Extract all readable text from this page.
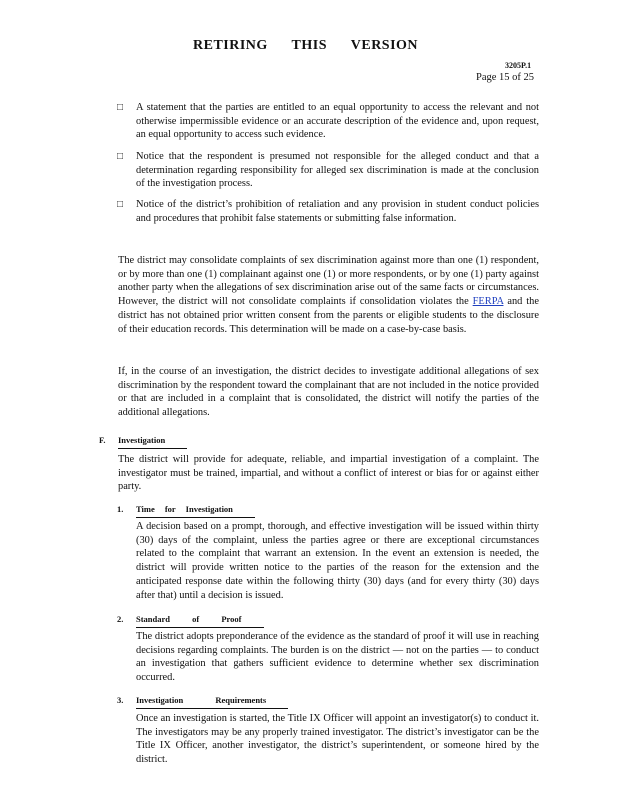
RETIRING THIS VERSION
3205P.1
Page 15 of 25
□	A statement that the parties are entitled to an equal opportunity to access the relevant and not otherwise impermissible evidence or an accurate description of the evidence and, upon request, an equal opportunity to access such evidence.
□	Notice that the respondent is presumed not responsible for the alleged conduct and that a determination regarding responsibility for alleged sex discrimination is made at the conclusion of the investigation process.
□	Notice of the district’s prohibition of retaliation and any provision in student conduct policies and procedures that prohibit false statements or submitting false information.
The district may consolidate complaints of sex discrimination against more than one (1) respondent, or by more than one (1) complainant against one (1) or more respondents, or by one (1) party against another party when the allegations of sex discrimination arise out of the same facts or circumstances. However, the district will not consolidate complaints if consolidation violates the FERPA and the district has not obtained prior written consent from the parents or eligible students to the disclosure of their education records. This determination will be made on a case-by-case basis.
If, in the course of an investigation, the district decides to investigate additional allegations of sex discrimination by the respondent toward the complainant that are not included in the notice provided or that are included in a complaint that is consolidated, the district will notify the parties of the additional allegations.
F. Investigation
The district will provide for adequate, reliable, and impartial investigation of a complaint. The investigator must be trained, impartial, and without a conflict of interest or bias for or against either party.
1. Time for Investigation
A decision based on a prompt, thorough, and effective investigation will be issued within thirty (30) days of the complaint, unless the parties agree or there are exceptional circumstances related to the complaint that warrant an extension. In the event an extension is needed, the district will provide written notice to the parties of the reason for the extension and the anticipated response date within the following thirty (30) days (and for every thirty (30) days after that) until a decision is issued.
2. Standard of Proof
The district adopts preponderance of the evidence as the standard of proof it will use in reaching decisions regarding complaints. The burden is on the district — not on the parties — to conduct an investigation that gathers sufficient evidence to determine whether sex discrimination occurred.
3. Investigation Requirements
Once an investigation is started, the Title IX Officer will appoint an investigator(s) to conduct it. The investigators may be any properly trained investigator. The district’s investigator can be the Title IX Officer, another investigator, the district’s superintendent, or someone hired by the district.
